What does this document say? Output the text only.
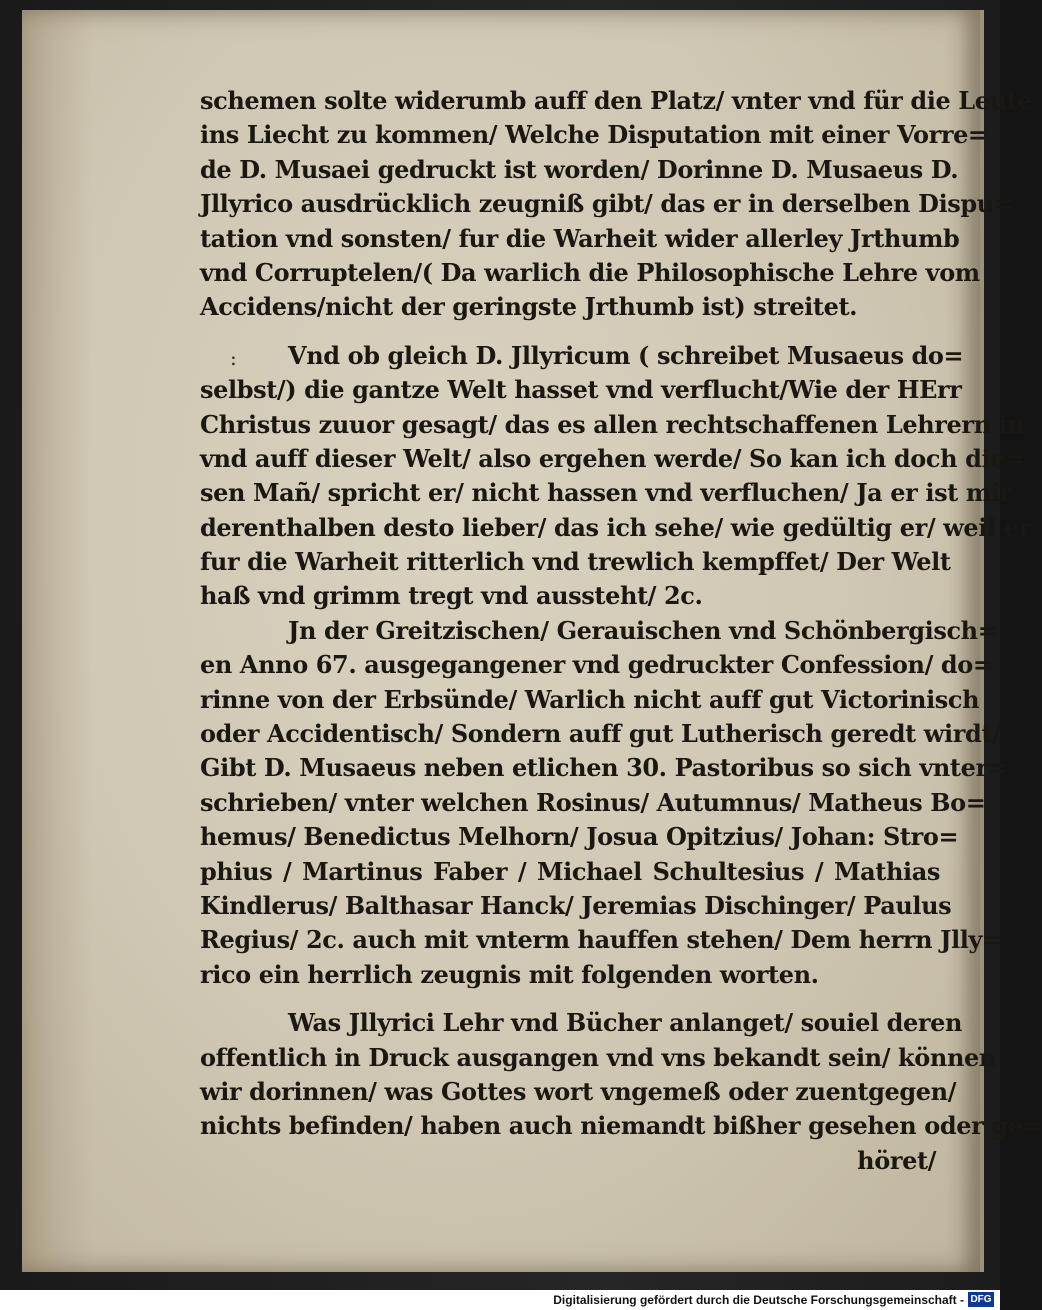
:
schemen solte widerumb auff den Platz/ vnter vnd für die Leute
ins Liecht zu kommen/ Welche Disputation mit einer Vorre=
de D. Musaei gedruckt ist worden/ Dorinne D. Musaeus D.
Jllyrico ausdrücklich zeugniß gibt/ das er in derselben Dispu=
tation vnd sonsten/ fur die Warheit wider allerley Jrthumb
vnd Corruptelen/( Da warlich die Philosophische Lehre vom
Accidens/nicht der geringste Jrthumb ist) streitet.
Vnd ob gleich D. Jllyricum ( schreibet Musaeus do=
selbst/) die gantze Welt hasset vnd verflucht/Wie der HErr
Christus zuuor gesagt/ das es allen rechtschaffenen Lehrern in
vnd auff dieser Welt/ also ergehen werde/ So kan ich doch die=
sen Mañ/ spricht er/ nicht hassen vnd verfluchen/ Ja er ist mir
derenthalben desto lieber/ das ich sehe/ wie gedültig er/ weil er
fur die Warheit ritterlich vnd trewlich kempffet/ Der Welt
haß vnd grimm tregt vnd aussteht/ 2c.
Jn der Greitzischen/ Gerauischen vnd Schönbergisch=
en Anno 67. ausgegangener vnd gedruckter Confession/ do=
rinne von der Erbsünde/ Warlich nicht auff gut Victorinisch
oder Accidentisch/ Sondern auff gut Lutherisch geredt wirdt/
Gibt D. Musaeus neben etlichen 30. Pastoribus so sich vnter=
schrieben/ vnter welchen Rosinus/ Autumnus/ Matheus Bo=
hemus/ Benedictus Melhorn/ Josua Opitzius/ Johan: Stro=
phius / Martinus Faber / Michael Schultesius / Mathias
Kindlerus/ Balthasar Hanck/ Jeremias Dischinger/ Paulus
Regius/ 2c. auch mit vnterm hauffen stehen/ Dem herrn Jlly=
rico ein herrlich zeugnis mit folgenden worten.
Was Jllyrici Lehr vnd Bücher anlanget/ souiel deren
offentlich in Druck ausgangen vnd vns bekandt sein/ können
wir dorinnen/ was Gottes wort vngemeß oder zuentgegen/
nichts befinden/ haben auch niemandt bißher gesehen oder ge=
höret/
Digitalisierung gefördert durch die Deutsche Forschungsgemeinschaft - DFG
